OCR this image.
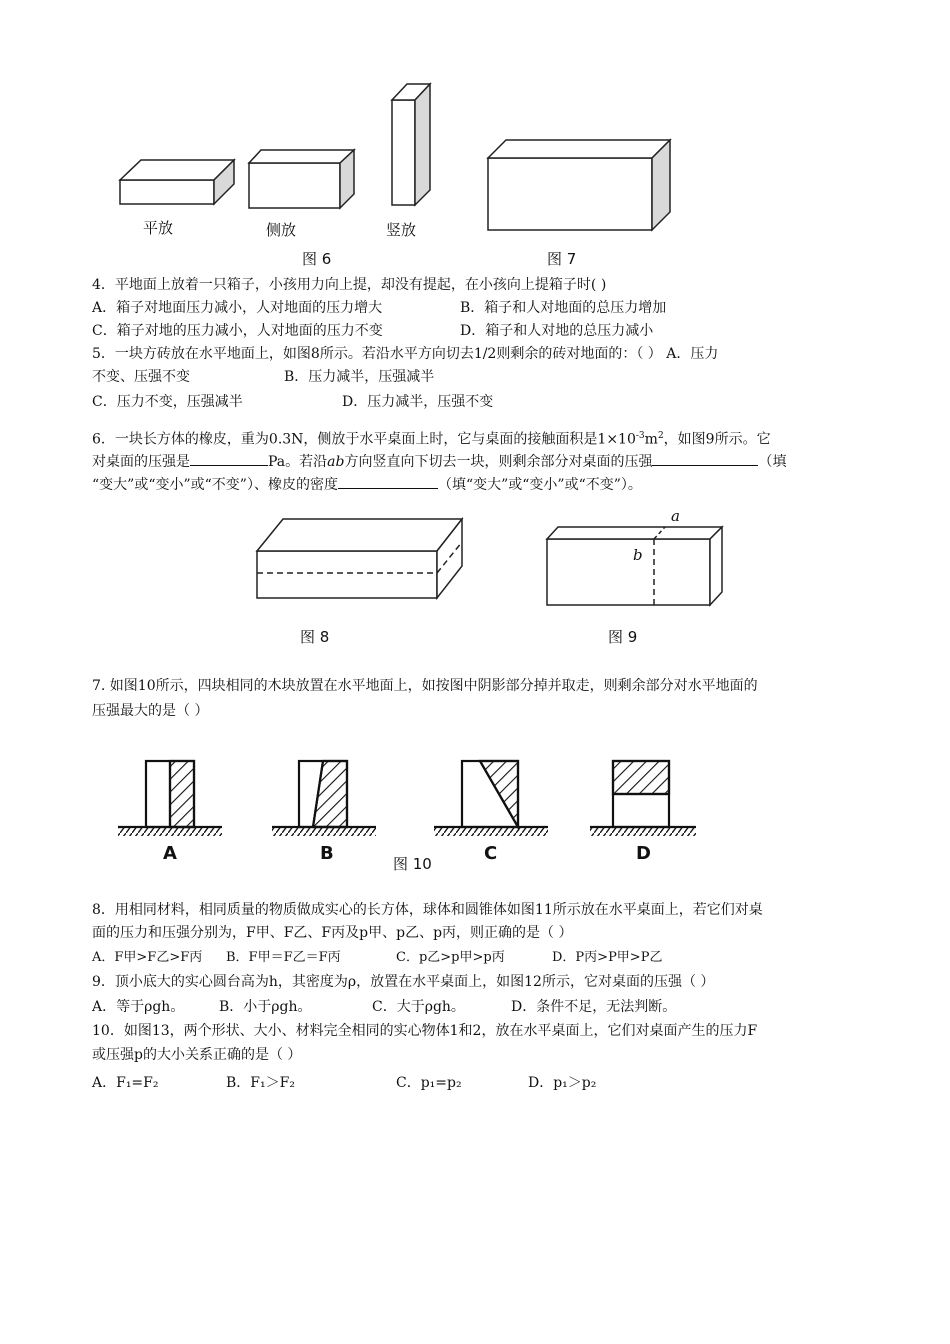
平放	侧放	竖放
图 6	图 7
4．平地面上放着一只箱子，小孩用力向上提，却没有提起，在小孩向上提箱子时( )
A．箱子对地面压力减小，人对地面的压力增大	B．箱子和人对地面的总压力增加
C．箱子对地的压力减小，人对地面的压力不变	D．箱子和人对地的总压力减小
5．一块方砖放在水平地面上，如图8所示。若沿水平方向切去1/2则剩余的砖对地面的：（ ） A．压力
不变、压强不变	B．压力减半，压强减半
C．压力不变，压强减半	D．压力减半，压强不变
6．一块长方体的橡皮，重为0.3N，侧放于水平桌面上时，它与桌面的接触面积是$1\times 10^{-3}m^2$，如图9所示。它
对桌面的压强是	Pa。若沿ab方向竖直向下切去一块，则剩余部分对桌面的压强	（填
“变大”或“变小”或“不变”）、橡皮的密度	（填“变大”或“变小”或“不变”）。
a
b
图 8	图 9
7. 如图10所示，四块相同的木块放置在水平地面上，如按图中阴影部分掉并取走，则剩余部分对水平地面的
压强最大的是（ ）
A	B	C	D
图 10
8．用相同材料，相同质量的物质做成实心的长方体，球体和圆锥体如图11所示放在水平桌面上，若它们对桌
面的压力和压强分别为，F甲、F乙、F丙及p甲、p乙、p丙，则正确的是（ ）
A．F甲>F乙>F丙 B．F甲＝F乙＝F丙	C．p乙>p甲>p丙	D．P丙>P甲>P乙
9．顶小底大的实心圆台高为h，其密度为ρ，放置在水平桌面上，如图12所示，它对桌面的压强（ ）
A．等于ρgh。 B．小于ρgh。	C．大于ρgh。	D．条件不足，无法判断。
10．如图13，两个形状、大小、材料完全相同的实心物体1和2，放在水平桌面上，它们对桌面产生的压力F
或压强p的大小关系正确的是（ ）
A．F₁=F₂	B．F₁＞F₂	C．p₁=p₂	D．p₁＞p₂
